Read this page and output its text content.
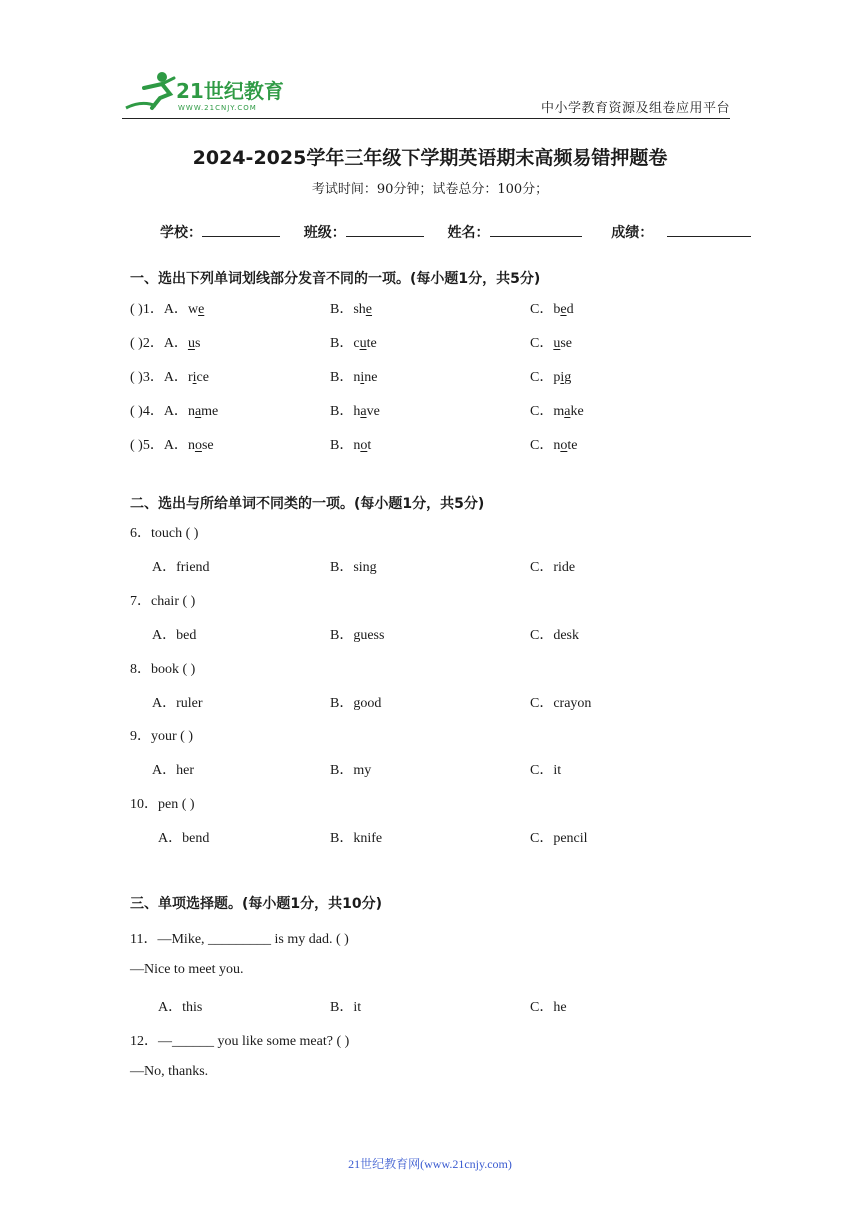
21世纪教育
WWW.21CNJY.COM	中小学教育资源及组卷应用平台
2024-2025学年三年级下学期英语期末高频易错押题卷
考试时间：90分钟；试卷总分：100分；
学校：	班级：	姓名：	成绩：
一、选出下列单词划线部分发音不同的一项。(每小题1分，共5分)
( )1．A．we	B．she	C．bed
( )2．A．us	B．cute	C．use
( )3．A．rice	B．nine	C．pig
( )4．A．name	B．have	C．make
( )5．A．nose	B．not	C．note
二、选出与所给单词不同类的一项。(每小题1分，共5分)
6．touch ( )
A．friend	B．sing	C．ride
7．chair ( )
A．bed	B．guess	C．desk
8．book ( )
A．ruler	B．good	C．crayon
9．your ( )
A．her	B．my	C．it
10．pen ( )
A．bend	B．knife	C．pencil
三、单项选择题。(每小题1分，共10分)
11．—Mike, _________ is my dad. ( )
—Nice to meet you.
A．this	B．it	C．he
12．—______ you like some meat? ( )
—No, thanks.
21世纪教育网(www.21cnjy.com)
